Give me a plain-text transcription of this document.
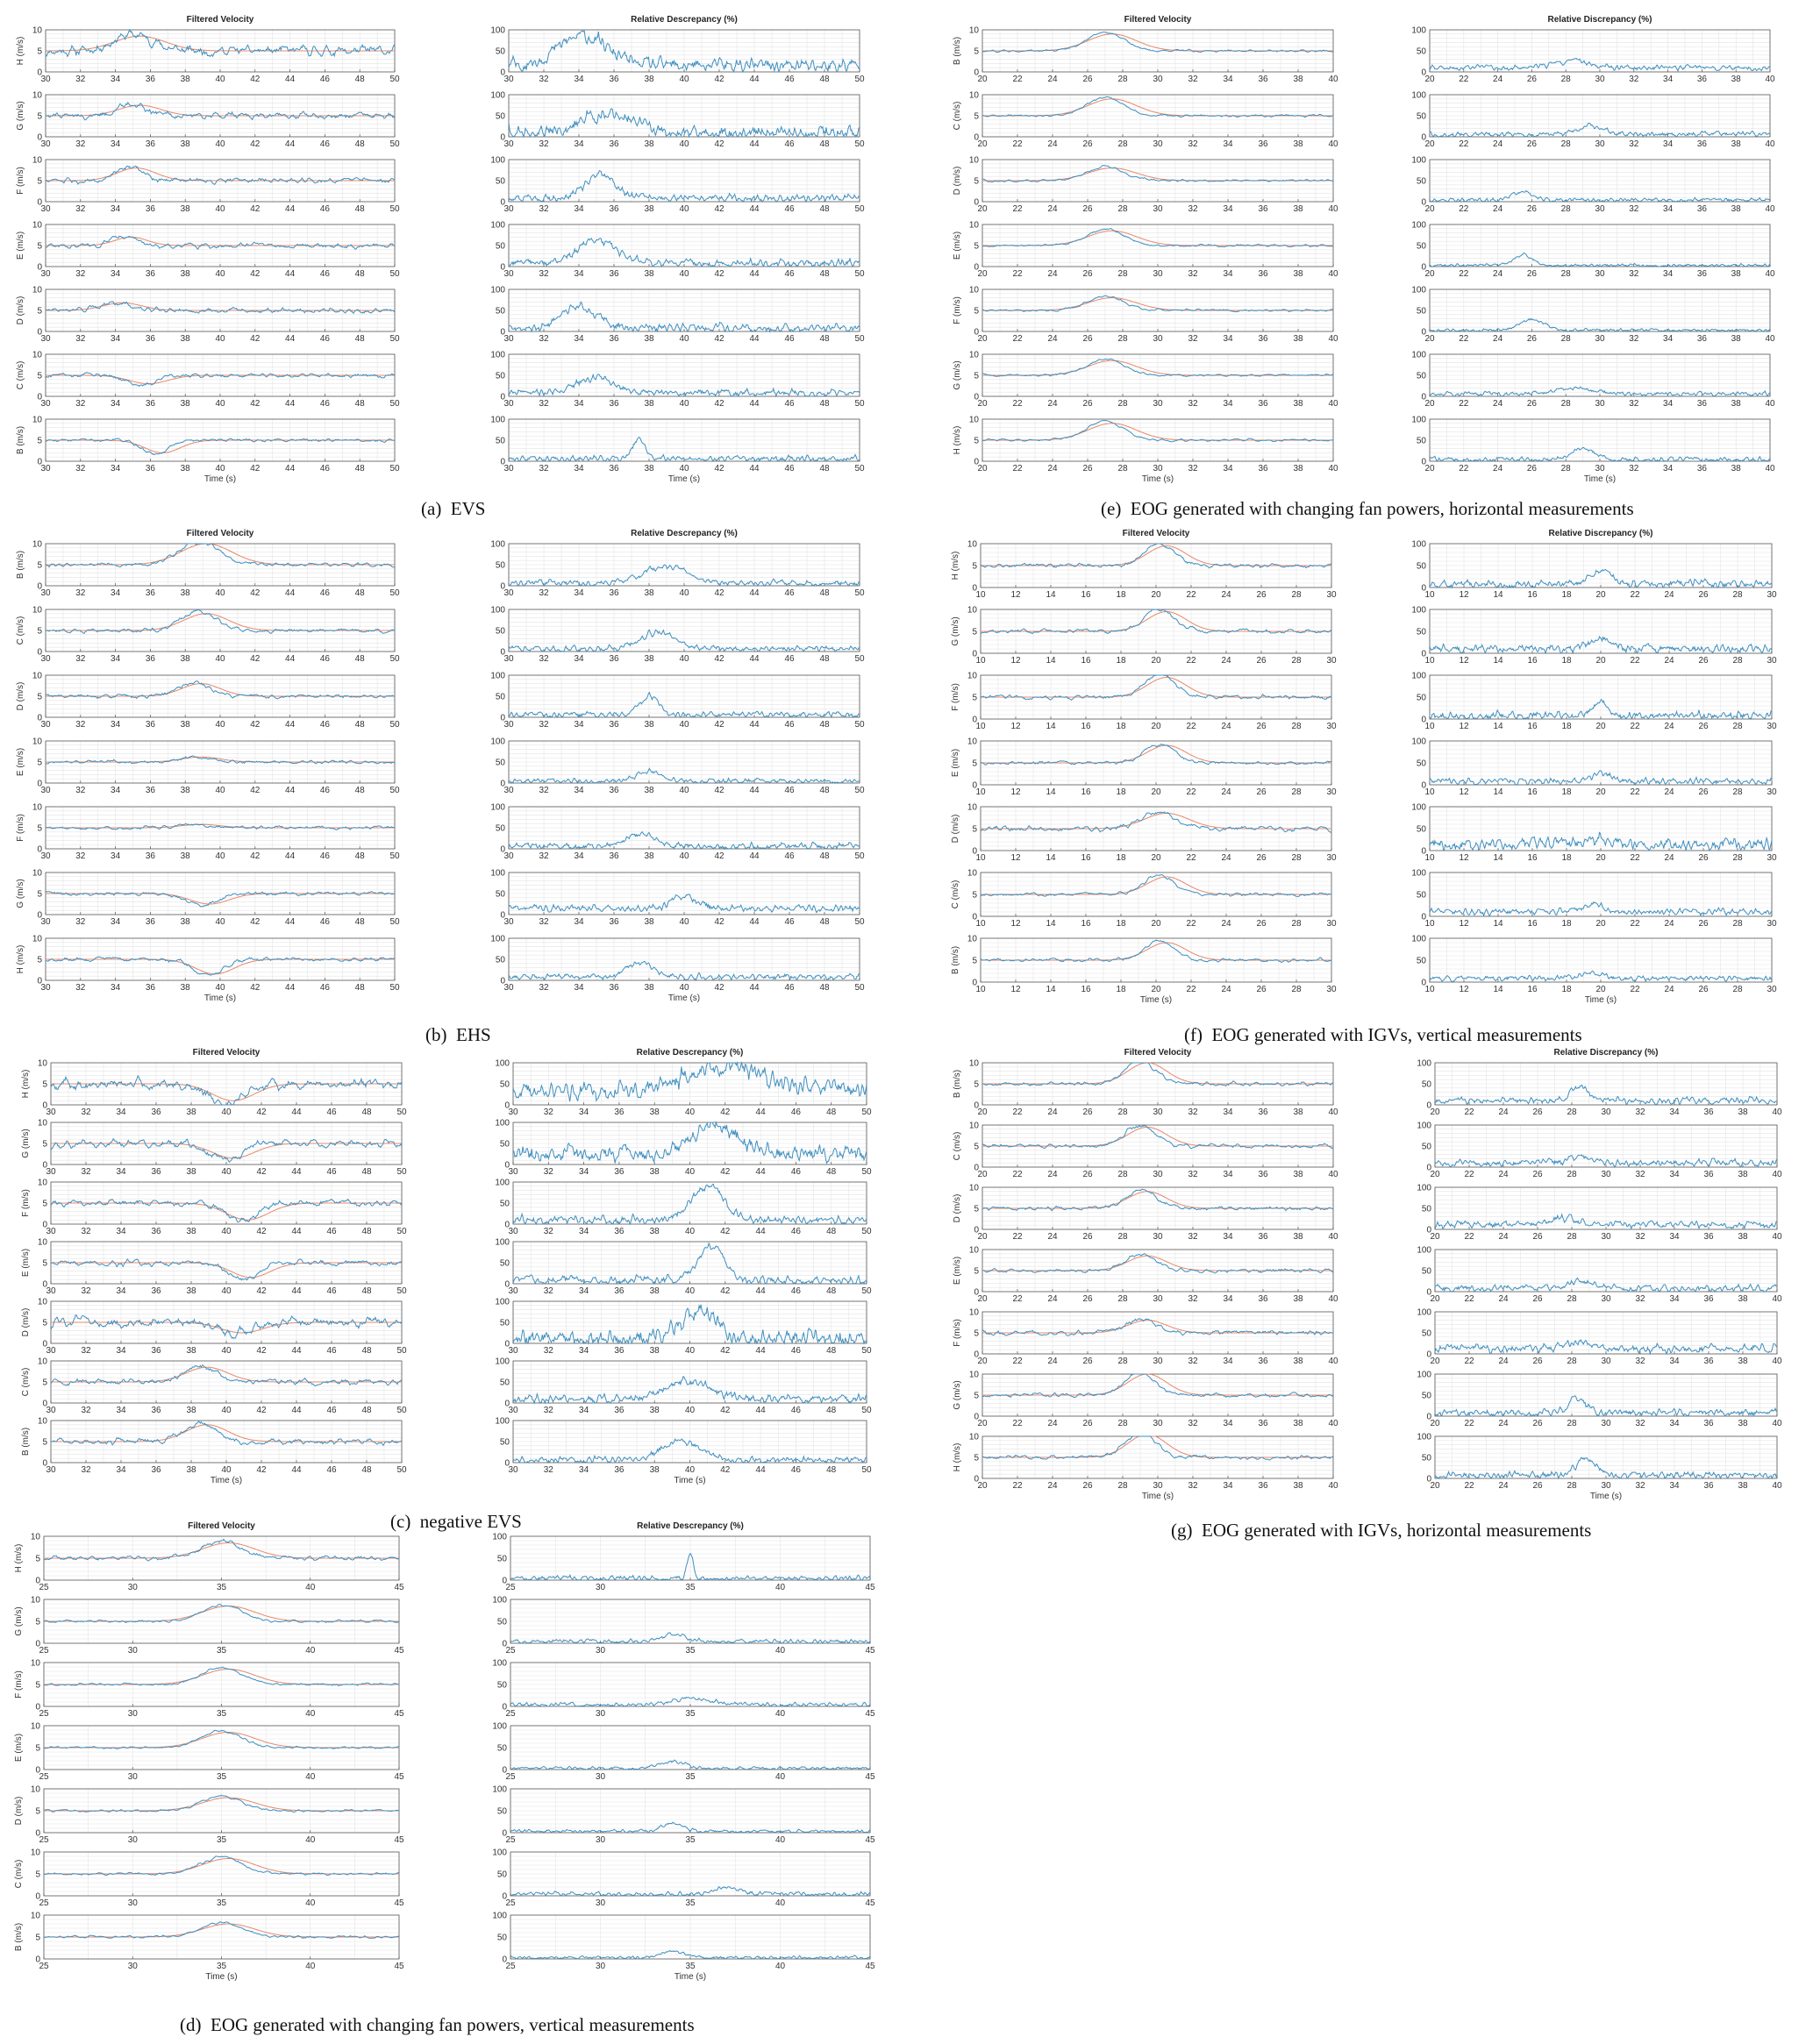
Filtered Velocity	Relative Descrepancy (%)
30	32	34	36	38	40	42	44	46	48	50
0
5
10
H (m/s)
30	32	34	36	38	40	42	44	46	48	50
0
50
100
30	32	34	36	38	40	42	44	46	48	50
0
5
10
G (m/s)
30	32	34	36	38	40	42	44	46	48	50
0
50
100
30	32	34	36	38	40	42	44	46	48	50
0
5
10
F (m/s)
30	32	34	36	38	40	42	44	46	48	50
0
50
100
30	32	34	36	38	40	42	44	46	48	50
0
5
10
E (m/s)
30	32	34	36	38	40	42	44	46	48	50
0
50
100
30	32	34	36	38	40	42	44	46	48	50
0
5
10
D (m/s)
30	32	34	36	38	40	42	44	46	48	50
0
50
100
30	32	34	36	38	40	42	44	46	48	50
0
5
10
C (m/s)
30	32	34	36	38	40	42	44	46	48	50
0
50
100
30	32	34	36	38	40	42	44	46	48	50
0
5
10
B (m/s)
Time (s)
30	32	34	36	38	40	42	44	46	48	50
0
50
100
Time (s)
Filtered Velocity	Relative Descrepancy (%)
30	32	34	36	38	40	42	44	46	48	50
0
5
10
B (m/s)
30	32	34	36	38	40	42	44	46	48	50
0
50
100
30	32	34	36	38	40	42	44	46	48	50
0
5
10
C (m/s)
30	32	34	36	38	40	42	44	46	48	50
0
50
100
30	32	34	36	38	40	42	44	46	48	50
0
5
10
D (m/s)
30	32	34	36	38	40	42	44	46	48	50
0
50
100
30	32	34	36	38	40	42	44	46	48	50
0
5
10
E (m/s)
30	32	34	36	38	40	42	44	46	48	50
0
50
100
30	32	34	36	38	40	42	44	46	48	50
0
5
10
F (m/s)
30	32	34	36	38	40	42	44	46	48	50
0
50
100
30	32	34	36	38	40	42	44	46	48	50
0
5
10
G (m/s)
30	32	34	36	38	40	42	44	46	48	50
0
50
100
30	32	34	36	38	40	42	44	46	48	50
0
5
10
H (m/s)
Time (s)
30	32	34	36	38	40	42	44	46	48	50
0
50
100
Time (s)
Filtered Velocity	Relative Descrepancy (%)
30	32	34	36	38	40	42	44	46	48	50
0
5
10
H (m/s)
30	32	34	36	38	40	42	44	46	48	50
0
50
100
30	32	34	36	38	40	42	44	46	48	50
0
5
10
G (m/s)
30	32	34	36	38	40	42	44	46	48	50
0
50
100
30	32	34	36	38	40	42	44	46	48	50
0
5
10
F (m/s)
30	32	34	36	38	40	42	44	46	48	50
0
50
100
30	32	34	36	38	40	42	44	46	48	50
0
5
10
E (m/s)
30	32	34	36	38	40	42	44	46	48	50
0
50
100
30	32	34	36	38	40	42	44	46	48	50
0
5
10
D (m/s)
30	32	34	36	38	40	42	44	46	48	50
0
50
100
30	32	34	36	38	40	42	44	46	48	50
0
5
10
C (m/s)
30	32	34	36	38	40	42	44	46	48	50
0
50
100
30	32	34	36	38	40	42	44	46	48	50
0
5
10
B (m/s)
Time (s)
30	32	34	36	38	40	42	44	46	48	50
0
50
100
Time (s)
Filtered Velocity	Relative Descrepancy (%)
25	30	35	40	45
0
5
10
H (m/s)
25	30	35	40	45
0
50
100
25	30	35	40	45
0
5
10
G (m/s)
25	30	35	40	45
0
50
100
25	30	35	40	45
0
5
10
F (m/s)
25	30	35	40	45
0
50
100
25	30	35	40	45
0
5
10
E (m/s)
25	30	35	40	45
0
50
100
25	30	35	40	45
0
5
10
D (m/s)
25	30	35	40	45
0
50
100
25	30	35	40	45
0
5
10
C (m/s)
25	30	35	40	45
0
50
100
25	30	35	40	45
0
5
10
B (m/s)
Time (s)
25	30	35	40	45
0
50
100
Time (s)
Filtered Velocity	Relative Discrepancy (%)
20	22	24	26	28	30	32	34	36	38	40
0
5
10
B (m/s)
20	22	24	26	28	30	32	34	36	38	40
0
50
100
20	22	24	26	28	30	32	34	36	38	40
0
5
10
C (m/s)
20	22	24	26	28	30	32	34	36	38	40
0
50
100
20	22	24	26	28	30	32	34	36	38	40
0
5
10
D (m/s)
20	22	24	26	28	30	32	34	36	38	40
0
50
100
20	22	24	26	28	30	32	34	36	38	40
0
5
10
E (m/s)
20	22	24	26	28	30	32	34	36	38	40
0
50
100
20	22	24	26	28	30	32	34	36	38	40
0
5
10
F (m/s)
20	22	24	26	28	30	32	34	36	38	40
0
50
100
20	22	24	26	28	30	32	34	36	38	40
0
5
10
G (m/s)
20	22	24	26	28	30	32	34	36	38	40
0
50
100
20	22	24	26	28	30	32	34	36	38	40
0
5
10
H (m/s)
Time (s)
20	22	24	26	28	30	32	34	36	38	40
0
50
100
Time (s)
Filtered Velocity	Relative Discrepancy (%)
10	12	14	16	18	20	22	24	26	28	30
0
5
10
H (m/s)
10	12	14	16	18	20	22	24	26	28	30
0
50
100
10	12	14	16	18	20	22	24	26	28	30
0
5
10
G (m/s)
10	12	14	16	18	20	22	24	26	28	30
0
50
100
10	12	14	16	18	20	22	24	26	28	30
0
5
10
F (m/s)
10	12	14	16	18	20	22	24	26	28	30
0
50
100
10	12	14	16	18	20	22	24	26	28	30
0
5
10
E (m/s)
10	12	14	16	18	20	22	24	26	28	30
0
50
100
10	12	14	16	18	20	22	24	26	28	30
0
5
10
D (m/s)
10	12	14	16	18	20	22	24	26	28	30
0
50
100
10	12	14	16	18	20	22	24	26	28	30
0
5
10
C (m/s)
10	12	14	16	18	20	22	24	26	28	30
0
50
100
10	12	14	16	18	20	22	24	26	28	30
0
5
10
B (m/s)
Time (s)
10	12	14	16	18	20	22	24	26	28	30
0
50
100
Time (s)
Filtered Velocity	Relative Discrepancy (%)
20	22	24	26	28	30	32	34	36	38	40
0
5
10
B (m/s)
20	22	24	26	28	30	32	34	36	38	40
0
50
100
20	22	24	26	28	30	32	34	36	38	40
0
5
10
C (m/s)
20	22	24	26	28	30	32	34	36	38	40
0
50
100
20	22	24	26	28	30	32	34	36	38	40
0
5
10
D (m/s)
20	22	24	26	28	30	32	34	36	38	40
0
50
100
20	22	24	26	28	30	32	34	36	38	40
0
5
10
E (m/s)
20	22	24	26	28	30	32	34	36	38	40
0
50
100
20	22	24	26	28	30	32	34	36	38	40
0
5
10
F (m/s)
20	22	24	26	28	30	32	34	36	38	40
0
50
100
20	22	24	26	28	30	32	34	36	38	40
0
5
10
G (m/s)
20	22	24	26	28	30	32	34	36	38	40
0
50
100
20	22	24	26	28	30	32	34	36	38	40
0
5
10
H (m/s)
Time (s)
20	22	24	26	28	30	32	34	36	38	40
0
50
100
Time (s)
(a) EVS
(b) EHS
(c) negative EVS
(d) EOG generated with changing fan powers, vertical measurements
(e) EOG generated with changing fan powers, horizontal measurements
(f) EOG generated with IGVs, vertical measurements
(g) EOG generated with IGVs, horizontal measurements
